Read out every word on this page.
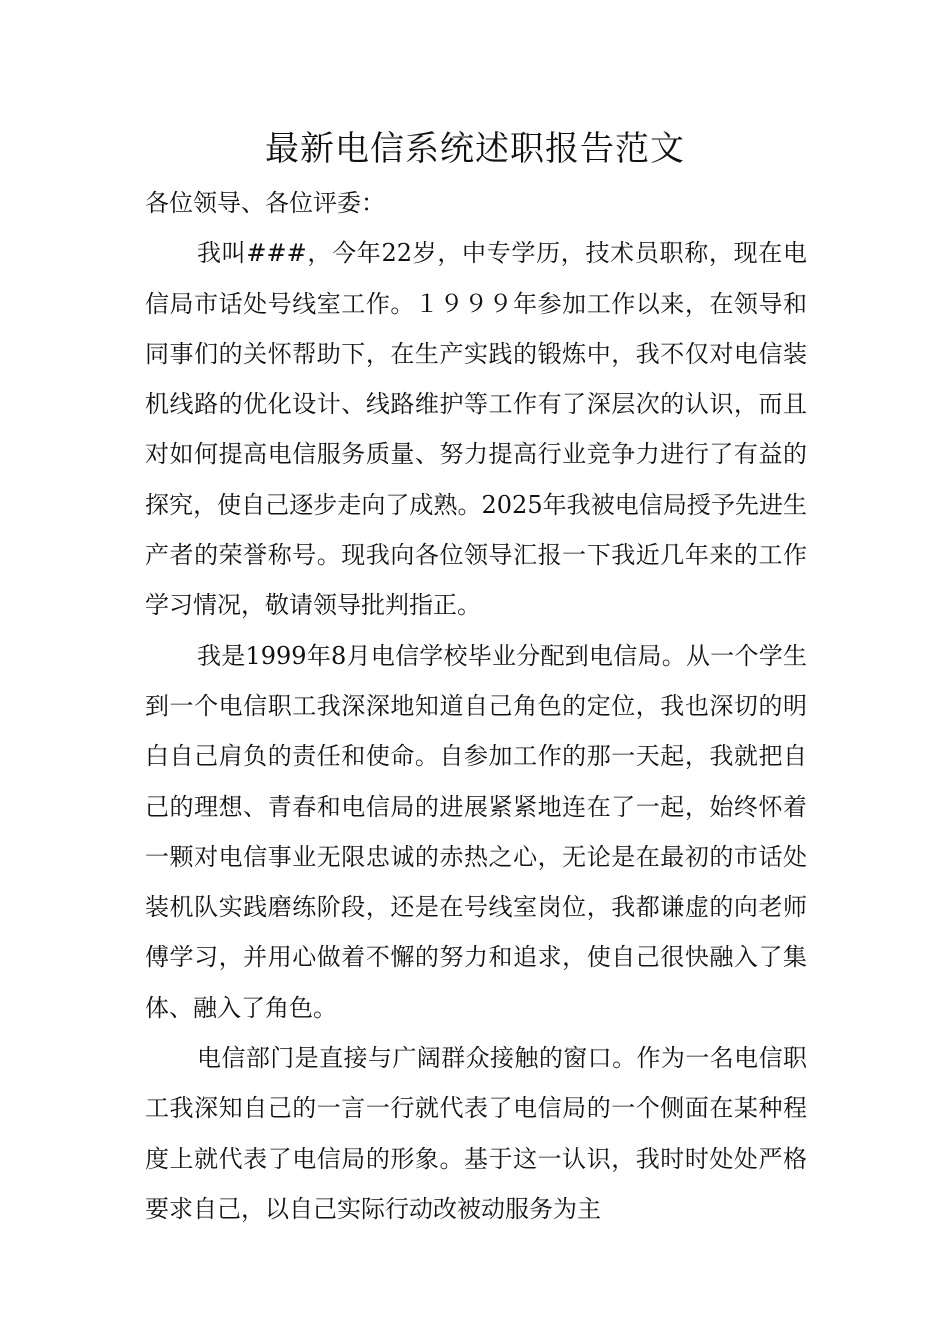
最新电信系统述职报告范文

各位领导、各位评委：

我叫###，今年22岁，中专学历，技术员职称，现在电信局市话处号线室工作。１９９９年参加工作以来，在领导和同事们的关怀帮助下，在生产实践的锻炼中，我不仅对电信装机线路的优化设计、线路维护等工作有了深层次的认识，而且对如何提高电信服务质量、努力提高行业竞争力进行了有益的探究，使自己逐步走向了成熟。2025年我被电信局授予先进生产者的荣誉称号。现我向各位领导汇报一下我近几年来的工作学习情况，敬请领导批判指正。

我是1999年8月电信学校毕业分配到电信局。从一个学生到一个电信职工我深深地知道自己角色的定位，我也深切的明白自己肩负的责任和使命。自参加工作的那一天起，我就把自己的理想、青春和电信局的进展紧紧地连在了一起，始终怀着一颗对电信事业无限忠诚的赤热之心，无论是在最初的市话处装机队实践磨练阶段，还是在号线室岗位，我都谦虚的向老师傅学习，并用心做着不懈的努力和追求，使自己很快融入了集体、融入了角色。

电信部门是直接与广阔群众接触的窗口。作为一名电信职工我深知自己的一言一行就代表了电信局的一个侧面在某种程度上就代表了电信局的形象。基于这一认识，我时时处处严格要求自己，以自己实际行动改被动服务为主
